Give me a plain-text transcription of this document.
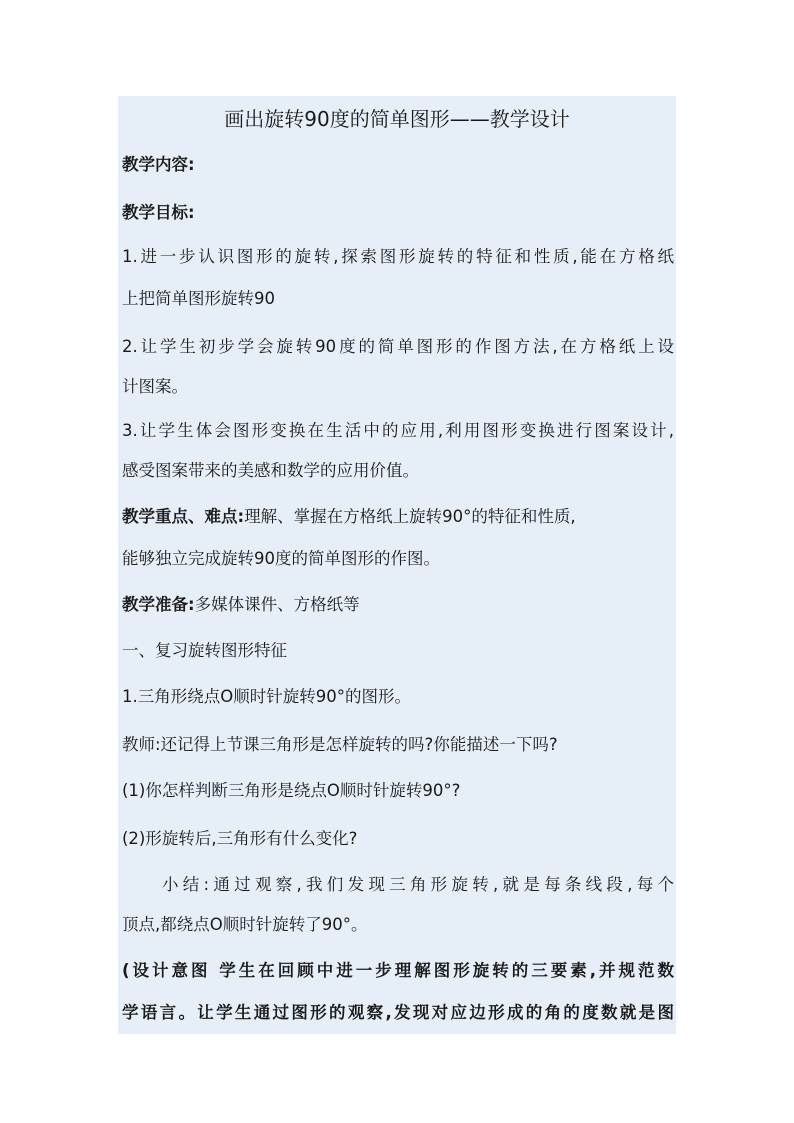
画出旋转90度的简单图形——教学设计
教学内容:
教学目标:
1.进一步认识图形的旋转,探索图形旋转的特征和性质,能在方格纸
上把简单图形旋转90
2.让学生初步学会旋转90度的简单图形的作图方法,在方格纸上设
计图案。
3.让学生体会图形变换在生活中的应用,利用图形变换进行图案设计,
感受图案带来的美感和数学的应用价值。
教学重点、难点:理解、掌握在方格纸上旋转90°的特征和性质,
能够独立完成旋转90度的简单图形的作图。
教学准备:多媒体课件、方格纸等
一、复习旋转图形特征
1.三角形绕点O顺时针旋转90°的图形。
教师:还记得上节课三角形是怎样旋转的吗?你能描述一下吗?
(1)你怎样判断三角形是绕点O顺时针旋转90°?
(2)形旋转后,三角形有什么变化?
小结:通过观察,我们发现三角形旋转,就是每条线段,每个
顶点,都绕点O顺时针旋转了90°。
(设计意图 学生在回顾中进一步理解图形旋转的三要素,并规范数
学语言。让学生通过图形的观察,发现对应边形成的角的度数就是图
